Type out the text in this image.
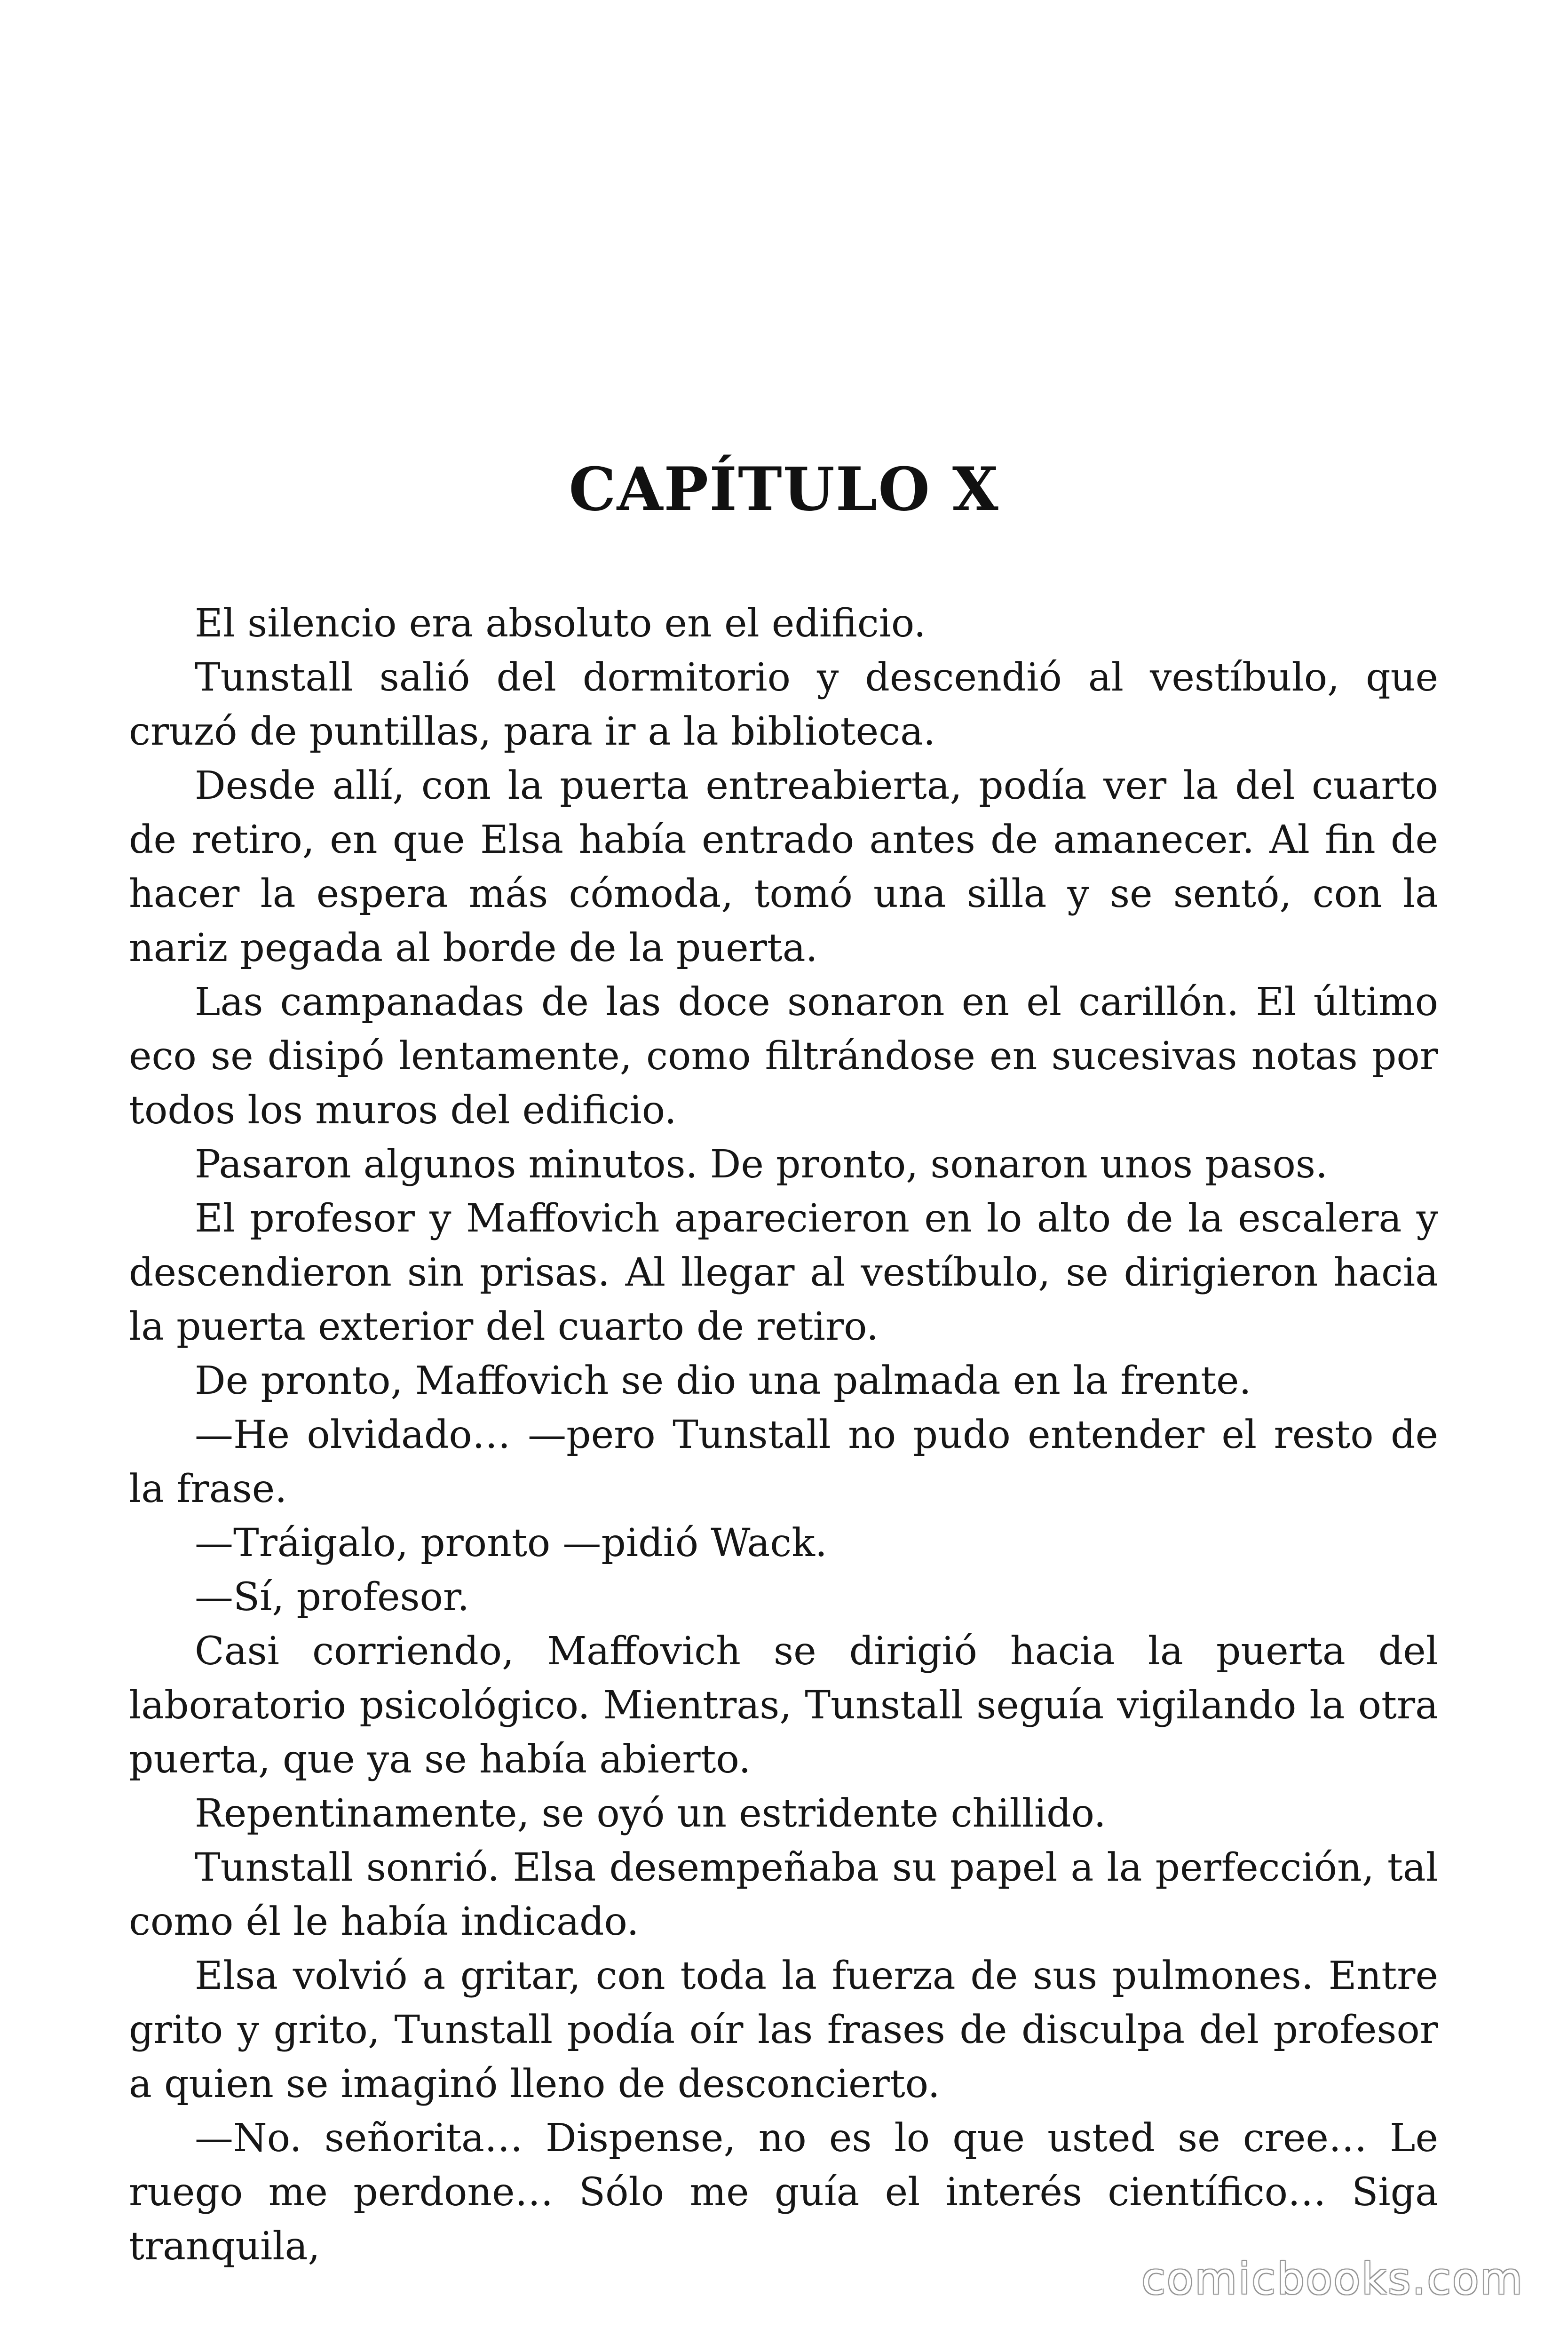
CAPÍTULO X

El silencio era absoluto en el edificio.

Tunstall salió del dormitorio y descendió al vestíbulo, que cruzó de puntillas, para ir a la biblioteca.

Desde allí, con la puerta entreabierta, podía ver la del cuarto de retiro, en que Elsa había entrado antes de amanecer. Al fin de hacer la espera más cómoda, tomó una silla y se sentó, con la nariz pegada al borde de la puerta.

Las campanadas de las doce sonaron en el carillón. El último eco se disipó lentamente, como filtrándose en sucesivas notas por todos los muros del edificio.

Pasaron algunos minutos. De pronto, sonaron unos pasos.

El profesor y Maffovich aparecieron en lo alto de la escalera y descendieron sin prisas. Al llegar al vestíbulo, se dirigieron hacia la puerta exterior del cuarto de retiro.

De pronto, Maffovich se dio una palmada en la frente.

—He olvidado… —pero Tunstall no pudo entender el resto de la frase.

—Tráigalo, pronto —pidió Wack.

—Sí, profesor.

Casi corriendo, Maffovich se dirigió hacia la puerta del laboratorio psicológico. Mientras, Tunstall seguía vigilando la otra puerta, que ya se había abierto.

Repentinamente, se oyó un estridente chillido.

Tunstall sonrió. Elsa desempeñaba su papel a la perfección, tal como él le había indicado.

Elsa volvió a gritar, con toda la fuerza de sus pulmones. Entre grito y grito, Tunstall podía oír las frases de disculpa del profesor a quien se imaginó lleno de desconcierto.

—No. señorita… Dispense, no es lo que usted se cree… Le ruego me perdone… Sólo me guía el interés científico… Siga tranquila,

comicbooks.com
